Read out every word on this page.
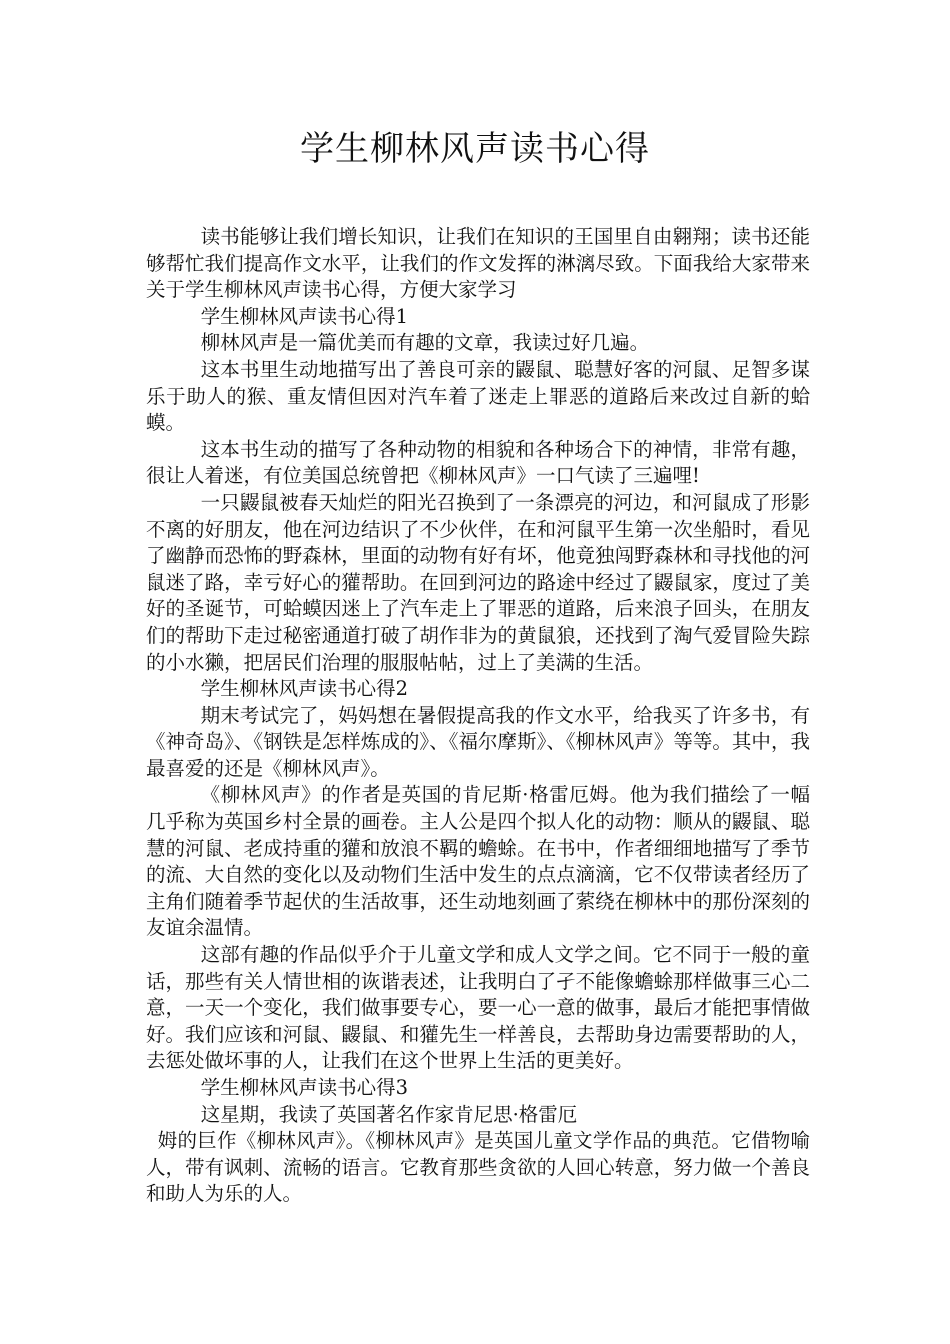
学生柳林风声读书心得

读书能够让我们增长知识，让我们在知识的王国里自由翱翔；读书还能够帮忙我们提高作文水平，让我们的作文发挥的淋漓尽致。下面我给大家带来关于学生柳林风声读书心得，方便大家学习

学生柳林风声读书心得1

柳林风声是一篇优美而有趣的文章，我读过好几遍。

这本书里生动地描写出了善良可亲的鼹鼠、聪慧好客的河鼠、足智多谋乐于助人的猴、重友情但因对汽车着了迷走上罪恶的道路后来改过自新的蛤蟆。

这本书生动的描写了各种动物的相貌和各种场合下的神情，非常有趣，很让人着迷，有位美国总统曾把《柳林风声》一口气读了三遍哩!

一只鼹鼠被春天灿烂的阳光召换到了一条漂亮的河边，和河鼠成了形影不离的好朋友，他在河边结识了不少伙伴，在和河鼠平生第一次坐船时，看见了幽静而恐怖的野森林，里面的动物有好有坏，他竟独闯野森林和寻找他的河鼠迷了路，幸亏好心的獾帮助。在回到河边的路途中经过了鼹鼠家，度过了美好的圣诞节，可蛤蟆因迷上了汽车走上了罪恶的道路，后来浪子回头，在朋友们的帮助下走过秘密通道打破了胡作非为的黄鼠狼，还找到了淘气爱冒险失踪的小水獭，把居民们治理的服服帖帖，过上了美满的生活。

学生柳林风声读书心得2

期末考试完了，妈妈想在暑假提高我的作文水平，给我买了许多书，有《神奇岛》、《钢铁是怎样炼成的》、《福尔摩斯》、《柳林风声》等等。其中，我最喜爱的还是《柳林风声》。

《柳林风声》的作者是英国的肯尼斯·格雷厄姆。他为我们描绘了一幅几乎称为英国乡村全景的画卷。主人公是四个拟人化的动物：顺从的鼹鼠、聪慧的河鼠、老成持重的獾和放浪不羁的蟾蜍。在书中，作者细细地描写了季节的流、大自然的变化以及动物们生活中发生的点点滴滴，它不仅带读者经历了主角们随着季节起伏的生活故事，还生动地刻画了萦绕在柳林中的那份深刻的友谊余温情。

这部有趣的作品似乎介于儿童文学和成人文学之间。它不同于一般的童话，那些有关人情世相的诙谐表述，让我明白了孑不能像蟾蜍那样做事三心二意，一天一个变化，我们做事要专心，要一心一意的做事，最后才能把事情做好。我们应该和河鼠、鼹鼠、和獾先生一样善良，去帮助身边需要帮助的人，去惩处做坏事的人，让我们在这个世界上生活的更美好。

学生柳林风声读书心得3

这星期，我读了英国著名作家肯尼思·格雷厄

姆的巨作《柳林风声》。《柳林风声》是英国儿童文学作品的典范。它借物喻人，带有讽刺、流畅的语言。它教育那些贪欲的人回心转意，努力做一个善良和助人为乐的人。
